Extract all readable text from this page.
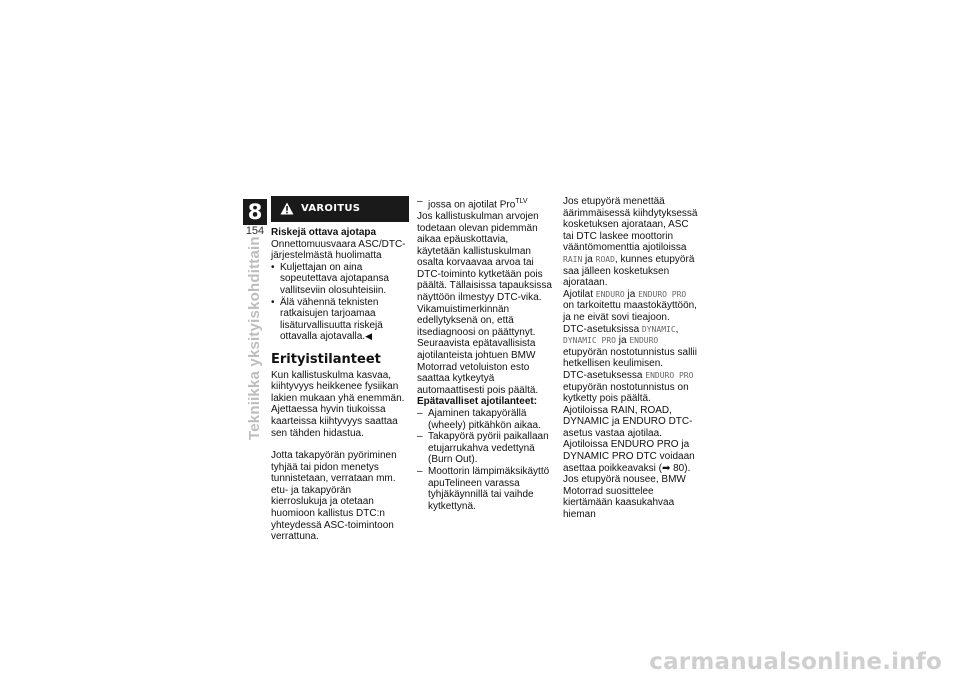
8
154
Tekniikka yksityiskohdittain
VAROITUS

Riskejä ottava ajotapa

Onnettomuusvaara ASC/DTC-järjestelmästä huolimatta

• Kuljettajan on aina sopeutettava ajotapansa vallitseviin olosuhteisiin.
• Älä vähennä teknisten ratkaisujen tarjoamaa lisäturvallisuutta riskejä ottavalla ajotavalla.◀
Erityistilanteet

Kun kallistuskulma kasvaa, kiihtyvyys heikkenee fysiikan lakien mukaan yhä enemmän. Ajettaessa hyvin tiukoissa kaarteissa kiihtyvyys saattaa sen tähden hidastua.

Jotta takapyörän pyöriminen tyhjää tai pidon menetys tunnistetaan, verrataan mm. etu- ja takapyörän kierroslukuja ja otetaan huomioon kallistus DTC:n yhteydessä ASC-toimintoon verrattuna.

– jossa on ajotilat Pro$^{TLV}$

Jos kallistuskulman arvojen todetaan olevan pidemmän aikaa epäuskottavia, käytetään kallistuskulman osalta korvaavaa arvoa tai DTC-toiminto kytketään pois päältä. Tällaisissa tapauksissa näyttöön ilmestyy DTC-vika. Vikamuistimerkinnän edellytyksenä on, että itsediagnoosi on päättynyt.

Seuraavista epätavallisista ajotilanteista johtuen BMW Motorrad vetoluiston esto saattaa kytkeytyä automaattisesti pois päältä.

Epätavalliset ajotilanteet:

– Ajaminen takapyörällä (wheely) pitkähkön aikaa.
– Takapyörä pyörii paikallaan etujarrukahva vedettynä (Burn Out).
– Moottorin lämpimäksikäyttö apuTelineen varassa tyhjäkäynnillä tai vaihde kytkettynä.

Jos etupyörä menettää äärimmäisessä kiihdytyksessä kosketuksen ajorataan, ASC tai DTC laskee moottorin vääntömomenttia ajotiloissa RAIN ja ROAD, kunnes etupyörä saa jälleen kosketuksen ajorataan.

Ajotilat ENDURO ja ENDURO PRO on tarkoitettu maastokäyttöön, ja ne eivät sovi tieajoon.

DTC-asetuksissa DYNAMIC, DYNAMIC PRO ja ENDURO etupyörän nostotunnistus sallii hetkellisen keulimisen.

DTC-asetuksessa ENDURO PRO etupyörän nostotunnistus on kytketty pois päältä.

Ajotiloissa RAIN, ROAD, DYNAMIC ja ENDURO DTC-asetus vastaa ajotilaa.

Ajotiloissa ENDURO PRO ja DYNAMIC PRO DTC voidaan asettaa poikkeavaksi (➡ 80).

Jos etupyörä nousee, BMW Motorrad suosittelee kiertämään kaasukahvaa hieman

carmanualsonline.info
